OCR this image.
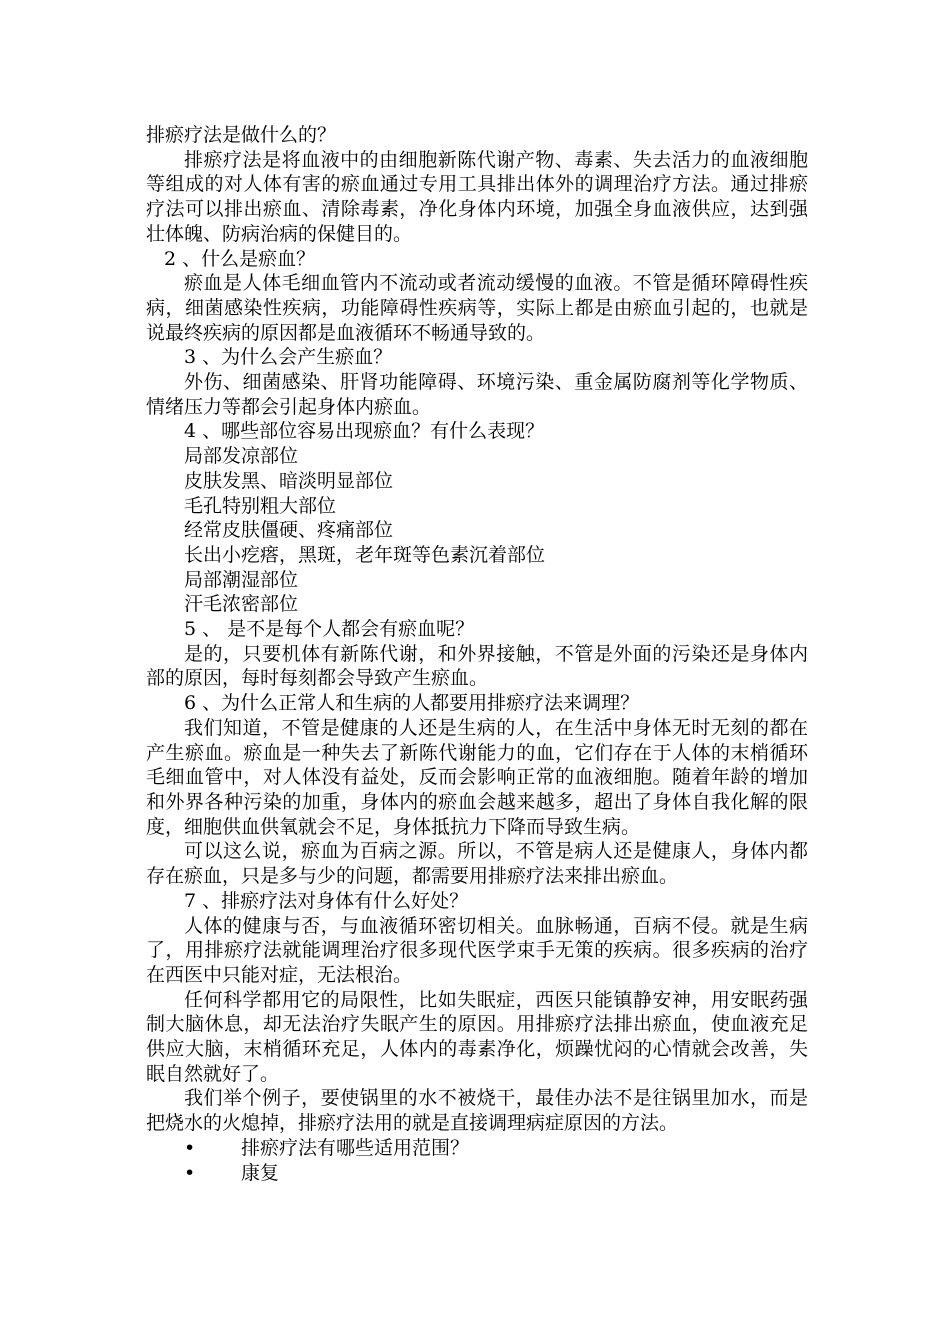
排瘀疗法是做什么的？

排瘀疗法是将血液中的由细胞新陈代谢产物、毒素、失去活力的血液细胞等组成的对人体有害的瘀血通过专用工具排出体外的调理治疗方法。通过排瘀疗法可以排出瘀血、清除毒素，净化身体内环境，加强全身血液供应，达到强壮体魄、防病治病的保健目的。

2 、什么是瘀血？

瘀血是人体毛细血管内不流动或者流动缓慢的血液。不管是循环障碍性疾病，细菌感染性疾病，功能障碍性疾病等，实际上都是由瘀血引起的，也就是说最终疾病的原因都是血液循环不畅通导致的。

3 、为什么会产生瘀血？

外伤、细菌感染、肝肾功能障碍、环境污染、重金属防腐剂等化学物质、情绪压力等都会引起身体内瘀血。

4 、哪些部位容易出现瘀血？有什么表现？

局部发凉部位

皮肤发黑、暗淡明显部位

毛孔特别粗大部位

经常皮肤僵硬、疼痛部位

长出小疙瘩，黑斑，老年斑等色素沉着部位

局部潮湿部位

汗毛浓密部位

5 、 是不是每个人都会有瘀血呢？

是的，只要机体有新陈代谢，和外界接触，不管是外面的污染还是身体内部的原因，每时每刻都会导致产生瘀血。

6 、为什么正常人和生病的人都要用排瘀疗法来调理？

我们知道，不管是健康的人还是生病的人，在生活中身体无时无刻的都在产生瘀血。瘀血是一种失去了新陈代谢能力的血，它们存在于人体的末梢循环毛细血管中，对人体没有益处，反而会影响正常的血液细胞。随着年龄的增加和外界各种污染的加重，身体内的瘀血会越来越多，超出了身体自我化解的限度，细胞供血供氧就会不足，身体抵抗力下降而导致生病。

可以这么说，瘀血为百病之源。所以，不管是病人还是健康人，身体内都存在瘀血，只是多与少的问题，都需要用排瘀疗法来排出瘀血。

7 、排瘀疗法对身体有什么好处？

人体的健康与否，与血液循环密切相关。血脉畅通，百病不侵。就是生病了，用排瘀疗法就能调理治疗很多现代医学束手无策的疾病。很多疾病的治疗在西医中只能对症，无法根治。

任何科学都用它的局限性，比如失眠症，西医只能镇静安神，用安眠药强制大脑休息，却无法治疗失眠产生的原因。用排瘀疗法排出瘀血，使血液充足供应大脑，末梢循环充足，人体内的毒素净化，烦躁忧闷的心情就会改善，失眠自然就好了。

我们举个例子，要使锅里的水不被烧干，最佳办法不是往锅里加水，而是把烧水的火熄掉，排瘀疗法用的就是直接调理病症原因的方法。

•	排瘀疗法有哪些适用范围？
•	康复
